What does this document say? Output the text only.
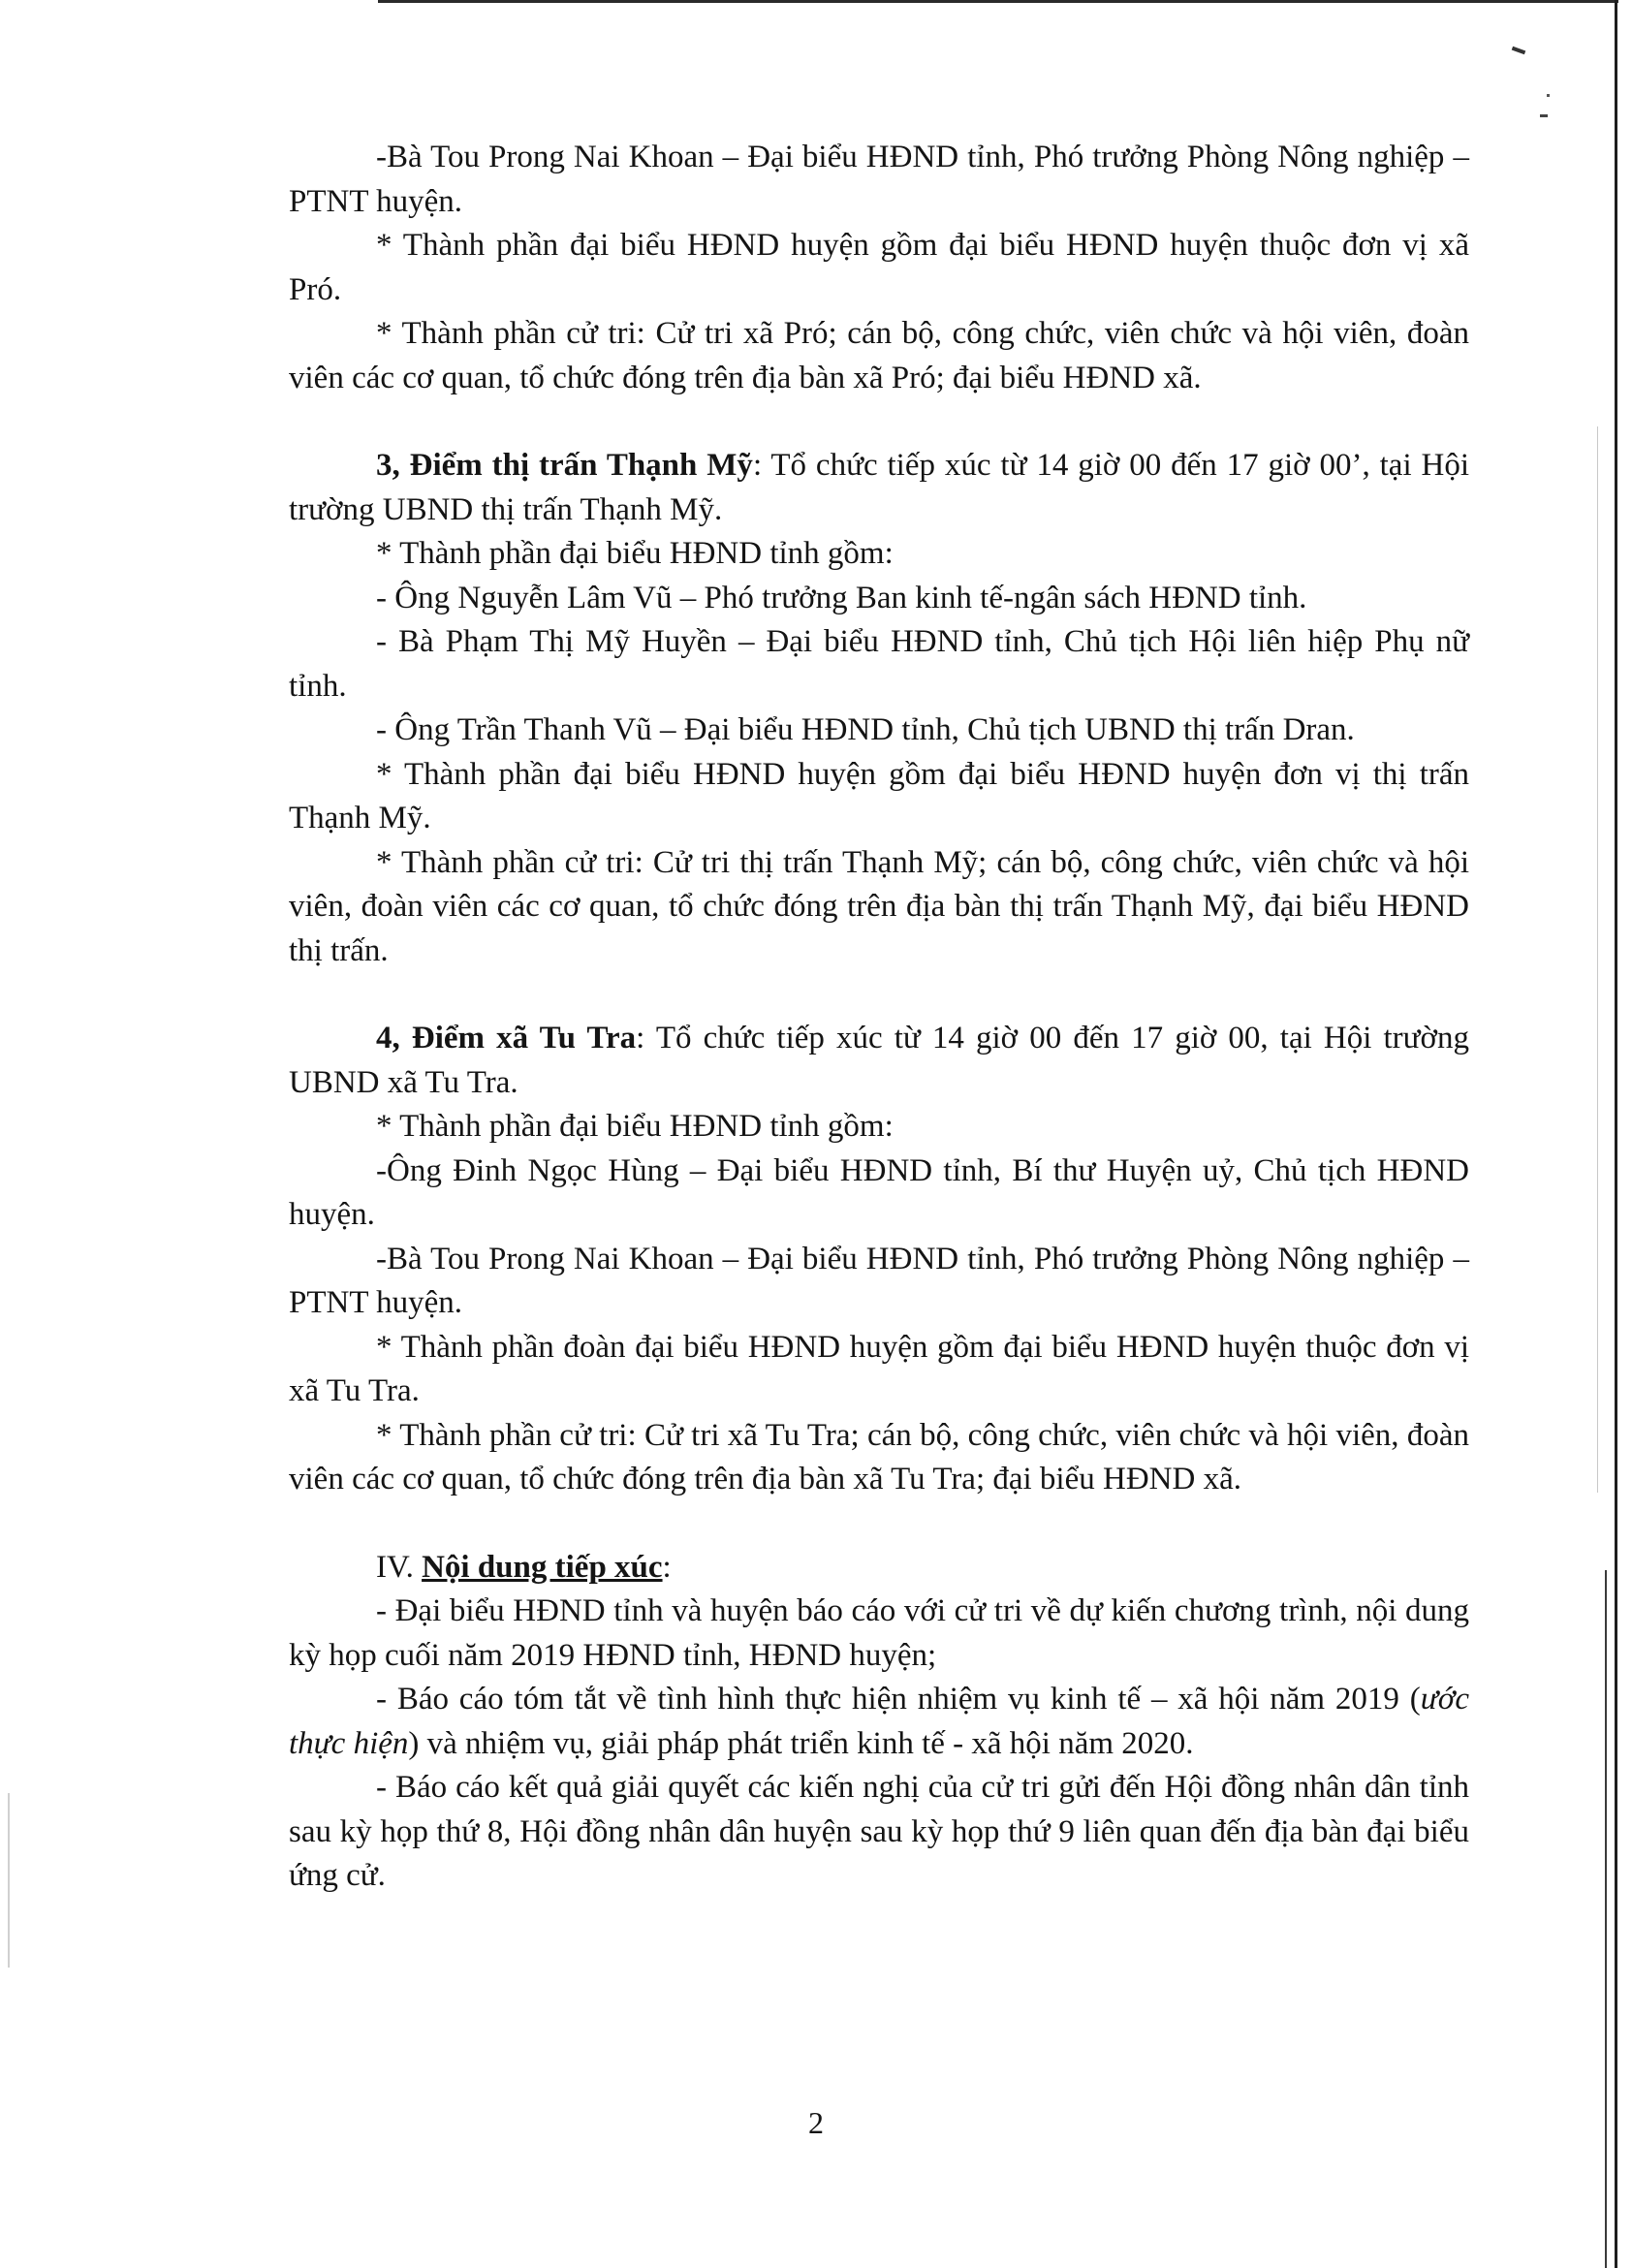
-Bà Tou Prong Nai Khoan – Đại biểu HĐND tỉnh, Phó trưởng Phòng Nông nghiệp – PTNT huyện.

* Thành phần đại biểu HĐND huyện gồm đại biểu HĐND huyện thuộc đơn vị xã Pró.

* Thành phần cử tri: Cử tri xã Pró; cán bộ, công chức, viên chức và hội viên, đoàn viên các cơ quan, tổ chức đóng trên địa bàn xã Pró; đại biểu HĐND xã.

3, Điểm thị trấn Thạnh Mỹ: Tổ chức tiếp xúc từ 14 giờ 00 đến 17 giờ 00’, tại Hội trường UBND thị trấn Thạnh Mỹ.

* Thành phần đại biểu HĐND tỉnh gồm:

- Ông Nguyễn Lâm Vũ – Phó trưởng Ban kinh tế-ngân sách HĐND tỉnh.

- Bà Phạm Thị Mỹ Huyền – Đại biểu HĐND tỉnh, Chủ tịch Hội liên hiệp Phụ nữ tỉnh.

- Ông Trần Thanh Vũ – Đại biểu HĐND tỉnh, Chủ tịch UBND thị trấn Dran.

* Thành phần đại biểu HĐND huyện gồm đại biểu HĐND huyện đơn vị thị trấn Thạnh Mỹ.

* Thành phần cử tri: Cử tri thị trấn Thạnh Mỹ; cán bộ, công chức, viên chức và hội viên, đoàn viên các cơ quan, tổ chức đóng trên địa bàn thị trấn Thạnh Mỹ, đại biểu HĐND thị trấn.

4, Điểm xã Tu Tra: Tổ chức tiếp xúc từ 14 giờ 00 đến 17 giờ 00, tại Hội trường UBND xã Tu Tra.

* Thành phần đại biểu HĐND tỉnh gồm:

-Ông Đinh Ngọc Hùng – Đại biểu HĐND tỉnh, Bí thư Huyện uỷ, Chủ tịch HĐND huyện.

-Bà Tou Prong Nai Khoan – Đại biểu HĐND tỉnh, Phó trưởng Phòng Nông nghiệp – PTNT huyện.

* Thành phần đoàn đại biểu HĐND huyện gồm đại biểu HĐND huyện thuộc đơn vị xã Tu Tra.

* Thành phần cử tri: Cử tri xã Tu Tra; cán bộ, công chức, viên chức và hội viên, đoàn viên các cơ quan, tổ chức đóng trên địa bàn xã Tu Tra; đại biểu HĐND xã.

IV. Nội dung tiếp xúc:

- Đại biểu HĐND tỉnh và huyện báo cáo với cử tri về dự kiến chương trình, nội dung kỳ họp cuối năm 2019 HĐND tỉnh, HĐND huyện;

- Báo cáo tóm tắt về tình hình thực hiện nhiệm vụ kinh tế – xã hội năm 2019 (ước thực hiện) và nhiệm vụ, giải pháp phát triển kinh tế - xã hội năm 2020.

- Báo cáo kết quả giải quyết các kiến nghị của cử tri gửi đến Hội đồng nhân dân tỉnh sau kỳ họp thứ 8, Hội đồng nhân dân huyện sau kỳ họp thứ 9 liên quan đến địa bàn đại biểu ứng cử.

2
